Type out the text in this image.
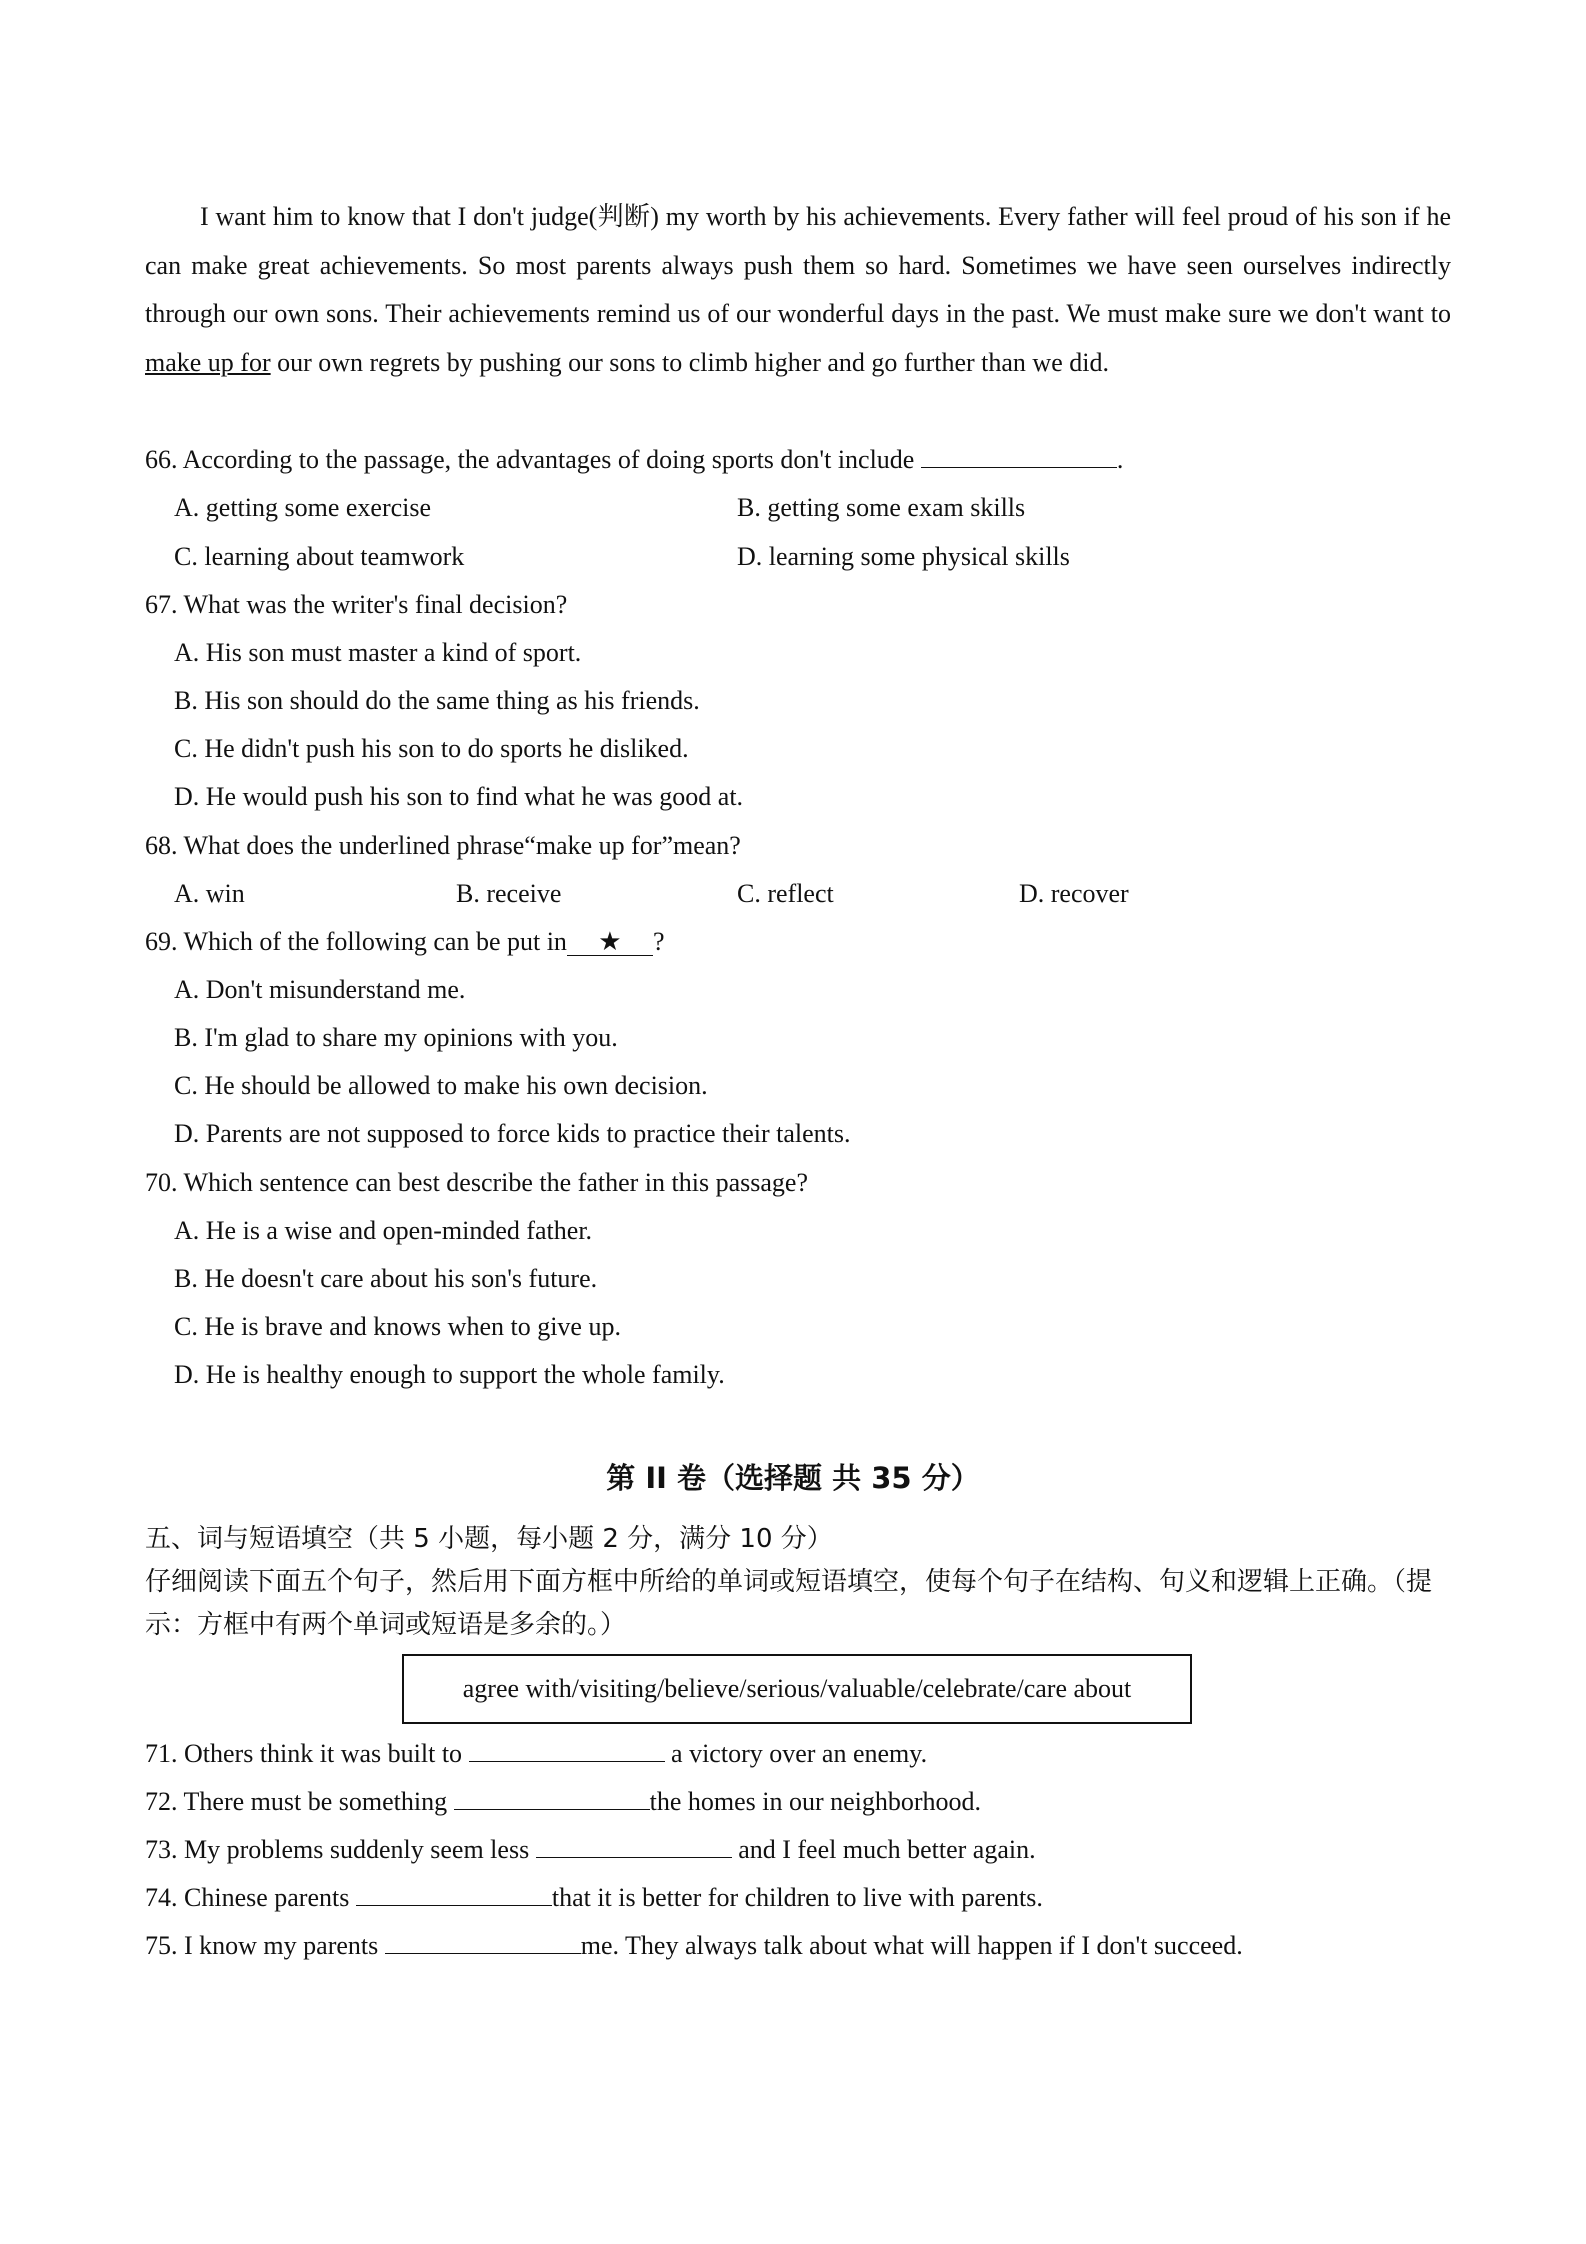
I want him to know that I don't judge(判断) my worth by his achievements. Every father will feel proud of his son if he can make great achievements. So most parents always push them so hard. Sometimes we have seen ourselves indirectly through our own sons. Their achievements remind us of our wonderful days in the past. We must make sure we don't want to make up for our own regrets by pushing our sons to climb higher and go further than we did.

66. According to the passage, the advantages of doing sports don't include	.
A. getting some exercise	B. getting some exam skills
C. learning about teamwork	D. learning some physical skills
67. What was the writer's final decision?
A. His son must master a kind of sport.
B. His son should do the same thing as his friends.
C. He didn't push his son to do sports he disliked.
D. He would push his son to find what he was good at.
68. What does the underlined phrase“make up for”mean?
A. win	B. receive	C. reflect	D. recover
69. Which of the following can be put in ★ ?
A. Don't misunderstand me.
B. I'm glad to share my opinions with you.
C. He should be allowed to make his own decision.
D. Parents are not supposed to force kids to practice their talents.
70. Which sentence can best describe the father in this passage?
A. He is a wise and open-minded father.
B. He doesn't care about his son's future.
C. He is brave and knows when to give up.
D. He is healthy enough to support the whole family.
第 II 卷（选择题 共 35 分）
五、词与短语填空（共 5 小题，每小题 2 分，满分 10 分）
仔细阅读下面五个句子，然后用下面方框中所给的单词或短语填空，使每个句子在结构、句义和逻辑上正确。（提示：方框中有两个单词或短语是多余的。）
agree with/visiting/believe/serious/valuable/celebrate/care about
71. Others think it was built to	a victory over an enemy.
72. There must be something	the homes in our neighborhood.
73. My problems suddenly seem less	and I feel much better again.
74. Chinese parents	that it is better for children to live with parents.
75. I know my parents	me. They always talk about what will happen if I don't succeed.
